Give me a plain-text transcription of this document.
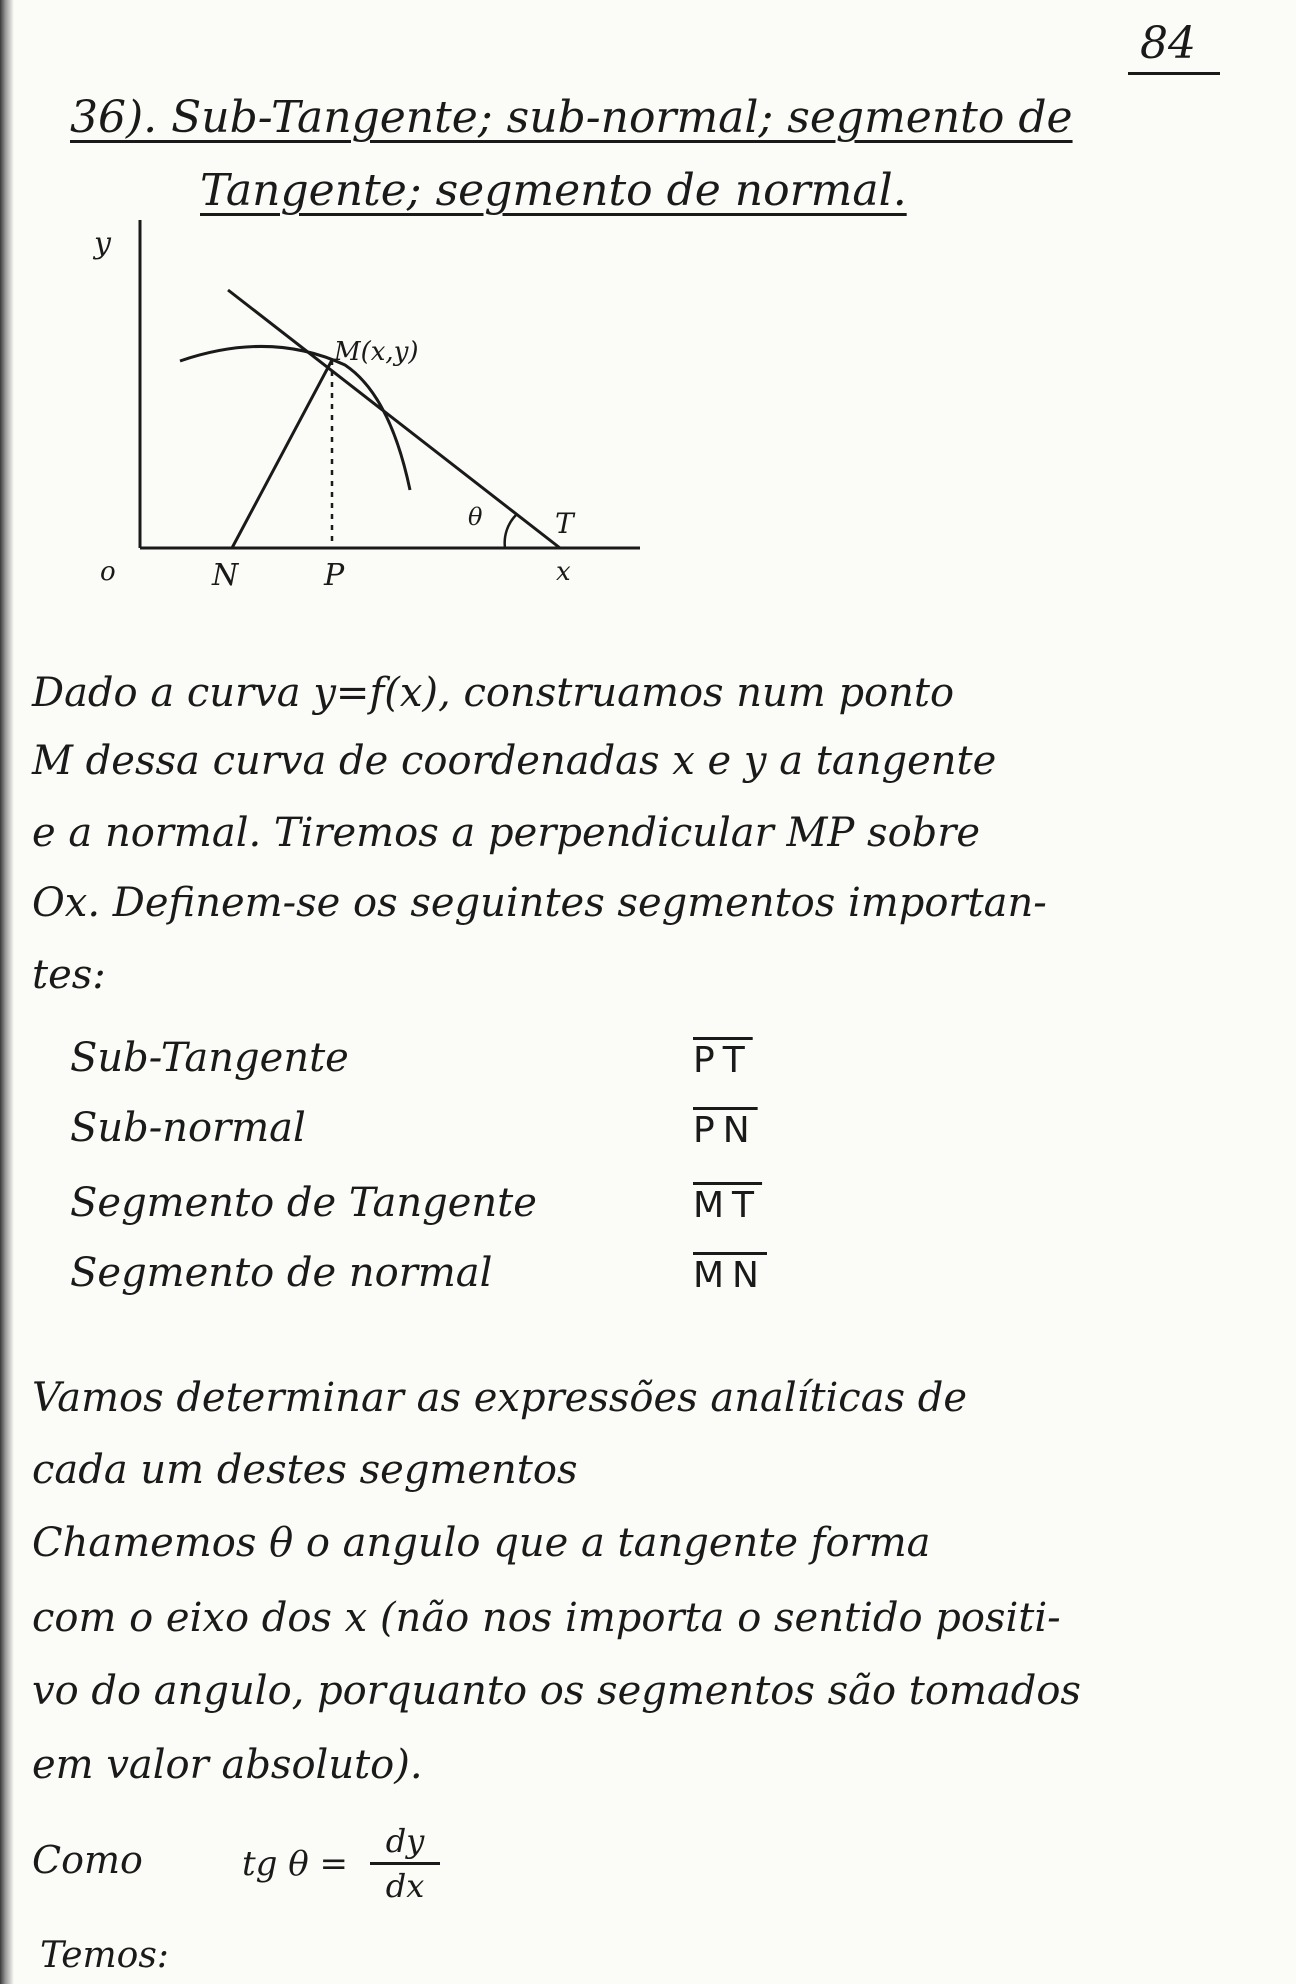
84
36). Sub-Tangente; sub-normal; segmento de
Tangente; segmento de normal.
y
M(x,y)
θ	T
o	N	P	x
Dado a curva y=f(x), construamos num ponto
M dessa curva de coordenadas x e y a tangente
e a normal. Tiremos a perpendicular MP sobre
Ox. Definem-se os seguintes segmentos importan-
tes:
Sub-Tangente	$\overline{PT}$
Sub-normal	$\overline{PN}$
Segmento de Tangente	$\overline{MT}$
Segmento de normal	$\overline{MN}$
Vamos determinar as expressões analíticas de
cada um destes segmentos
Chamemos θ o angulo que a tangente forma
com o eixo dos x (não nos importa o sentido positi-
vo do angulo, porquanto os segmentos são tomados
em valor absoluto).
Como	tg θ =
dy
dx
Temos:
